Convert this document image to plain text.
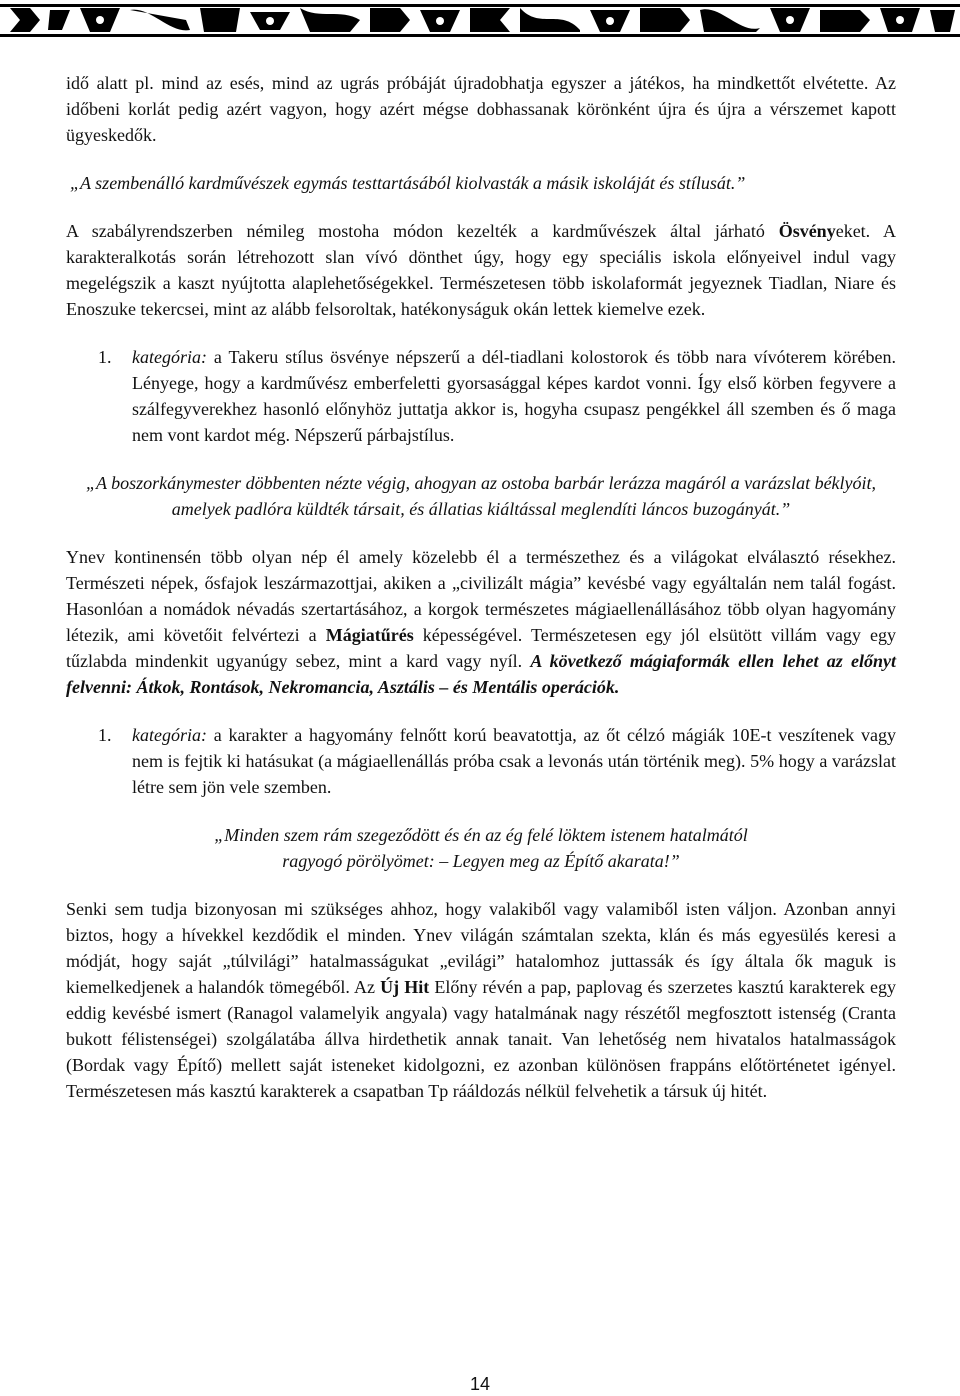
www.Ynev.hu

idő alatt pl. mind az esés, mind az ugrás próbáját újradobhatja egyszer a játékos, ha mindkettőt elvétette. Az időbeni korlát pedig azért vagyon, hogy azért mégse dobhassanak körönként újra és újra a vérszemet kapott ügyeskedők.

„A szembenálló kardművészek egymás testtartásából kiolvasták a másik iskoláját és stílusát.”

A szabályrendszerben némileg mostoha módon kezelték a kardművészek által járható Ösvényeket. A karakteralkotás során létrehozott slan vívó dönthet úgy, hogy egy speciális iskola előnyeivel indul vagy megelégszik a kaszt nyújtotta alaplehetőségekkel. Természetesen több iskolaformát jegyeznek Tiadlan, Niare és Enoszuke tekercsei, mint az alább felsoroltak, hatékonyságuk okán lettek kiemelve ezek.

1.	kategória: a Takeru stílus ösvénye népszerű a dél-tiadlani kolostorok és több nara vívóterem körében. Lényege, hogy a kardművész emberfeletti gyorsasággal képes kardot vonni. Így első körben fegyvere a szálfegyverekhez hasonló előnyhöz juttatja akkor is, hogyha csupasz pengékkel áll szemben és ő maga nem vont kardot még. Népszerű párbajstílus.

„A boszorkánymester döbbenten nézte végig, ahogyan az ostoba barbár lerázza magáról a varázslat béklyóit, amelyek padlóra küldték társait, és állatias kiáltással meglendíti láncos buzogányát.”

Ynev kontinensén több olyan nép él amely közelebb él a természethez és a világokat elválasztó résekhez. Természeti népek, ősfajok leszármazottjai, akiken a „civilizált mágia” kevésbé vagy egyáltalán nem talál fogást. Hasonlóan a nomádok névadás szertartásához, a korgok természetes mágiaellenállásához több olyan hagyomány létezik, ami követőit felvértezi a Mágiatűrés képességével. Természetesen egy jól elsütött villám vagy egy tűzlabda mindenkit ugyanúgy sebez, mint a kard vagy nyíl. A következő mágiaformák ellen lehet az előnyt felvenni: Átkok, Rontások, Nekromancia, Asztális – és Mentális operációk.

1.	kategória: a karakter a hagyomány felnőtt korú beavatottja, az őt célzó mágiák 10E-t veszítenek vagy nem is fejtik ki hatásukat (a mágiaellenállás próba csak a levonás után történik meg). 5% hogy a varázslat létre sem jön vele szemben.

„Minden szem rám szegeződött és én az ég felé löktem istenem hatalmától ragyogó pörölyömet: – Legyen meg az Építő akarata!”

Senki sem tudja bizonyosan mi szükséges ahhoz, hogy valakiből vagy valamiből isten váljon. Azonban annyi biztos, hogy a hívekkel kezdődik el minden. Ynev világán számtalan szekta, klán és más egyesülés keresi a módját, hogy saját „túlvilági” hatalmasságukat „evilági” hatalomhoz juttassák és így általa ők maguk is kiemelkedjenek a halandók tömegéből. Az Új Hit Előny révén a pap, paplovag és szerzetes kasztú karakterek egy eddig kevésbé ismert (Ranagol valamelyik angyala) vagy hatalmának nagy részétől megfosztott istenség (Cranta bukott félistenségei) szolgálatába állva hirdethetik annak tanait. Van lehetőség nem hivatalos hatalmasságok (Bordak vagy Építő) mellett saját isteneket kidolgozni, ez azonban különösen frappáns előtörténetet igényel. Természetesen más kasztú karakterek a csapatban Tp rááldozás nélkül felvehetik a társuk új hitét.

14
